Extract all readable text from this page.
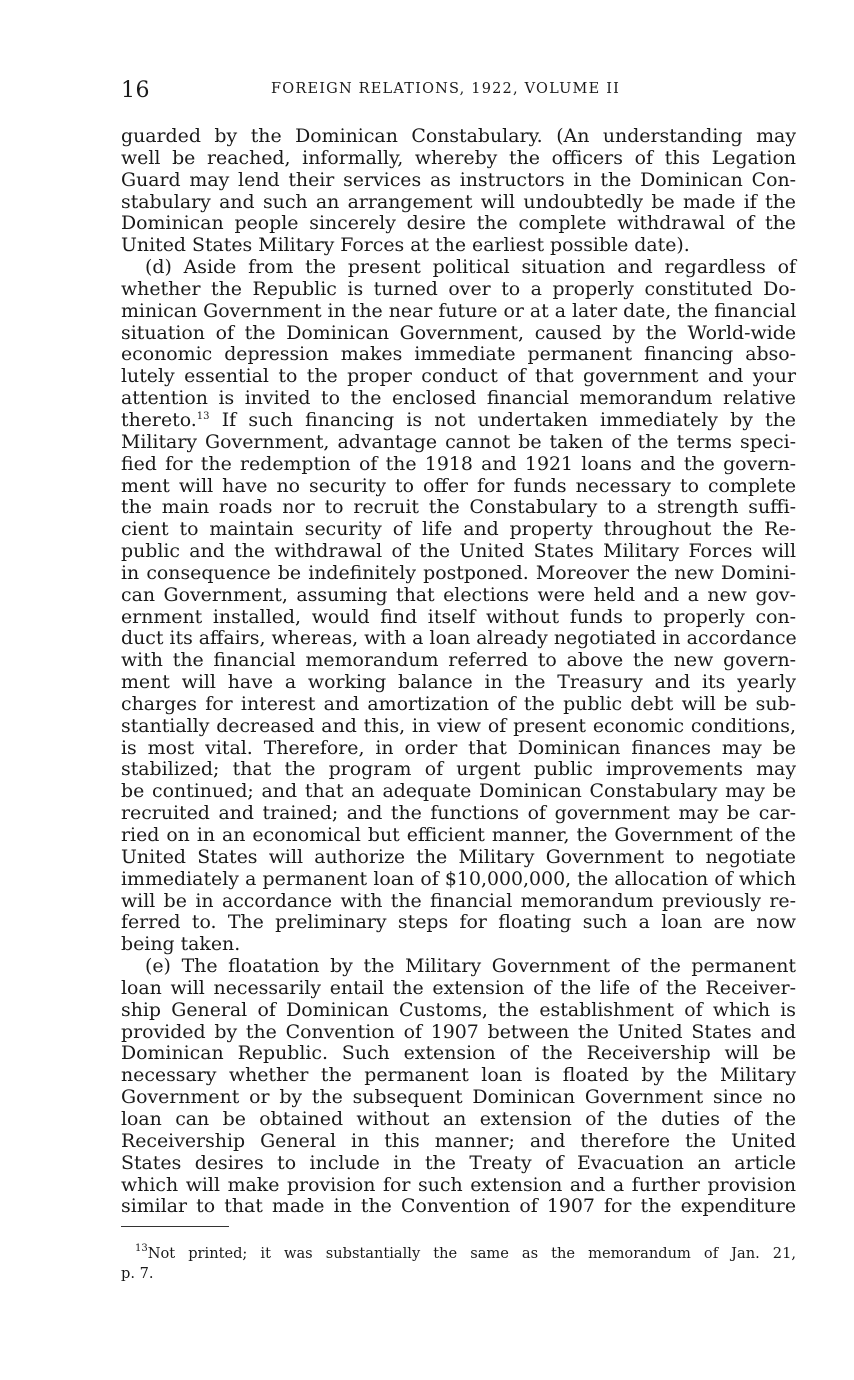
16	FOREIGN RELATIONS, 1922, VOLUME II
guarded by the Dominican Constabulary. (An understanding may
well be reached, informally, whereby the officers of this Legation
Guard may lend their services as instructors in the Dominican Con-
stabulary and such an arrangement will undoubtedly be made if the
Dominican people sincerely desire the complete withdrawal of the
United States Military Forces at the earliest possible date).
(d) Aside from the present political situation and regardless of
whether the Republic is turned over to a properly constituted Do-
minican Government in the near future or at a later date, the financial
situation of the Dominican Government, caused by the World-wide
economic depression makes immediate permanent financing abso-
lutely essential to the proper conduct of that government and your
attention is invited to the enclosed financial memorandum relative
thereto.$^{13}$ If such financing is not undertaken immediately by the
Military Government, advantage cannot be taken of the terms speci-
fied for the redemption of the 1918 and 1921 loans and the govern-
ment will have no security to offer for funds necessary to complete
the main roads nor to recruit the Constabulary to a strength suffi-
cient to maintain security of life and property throughout the Re-
public and the withdrawal of the United States Military Forces will
in consequence be indefinitely postponed. Moreover the new Domini-
can Government, assuming that elections were held and a new gov-
ernment installed, would find itself without funds to properly con-
duct its affairs, whereas, with a loan already negotiated in accordance
with the financial memorandum referred to above the new govern-
ment will have a working balance in the Treasury and its yearly
charges for interest and amortization of the public debt will be sub-
stantially decreased and this, in view of present economic conditions,
is most vital. Therefore, in order that Dominican finances may be
stabilized; that the program of urgent public improvements may
be continued; and that an adequate Dominican Constabulary may be
recruited and trained; and the functions of government may be car-
ried on in an economical but efficient manner, the Government of the
United States will authorize the Military Government to negotiate
immediately a permanent loan of $10,000,000, the allocation of which
will be in accordance with the financial memorandum previously re-
ferred to. The preliminary steps for floating such a loan are now
being taken.
(e) The floatation by the Military Government of the permanent
loan will necessarily entail the extension of the life of the Receiver-
ship General of Dominican Customs, the establishment of which is
provided by the Convention of 1907 between the United States and
Dominican Republic. Such extension of the Receivership will be
necessary whether the permanent loan is floated by the Military
Government or by the subsequent Dominican Government since no
loan can be obtained without an extension of the duties of the
Receivership General in this manner; and therefore the United
States desires to include in the Treaty of Evacuation an article
which will make provision for such extension and a further provision
similar to that made in the Convention of 1907 for the expenditure
$^{13}$Not printed; it was substantially the same as the memorandum of Jan. 21,
p. 7.
